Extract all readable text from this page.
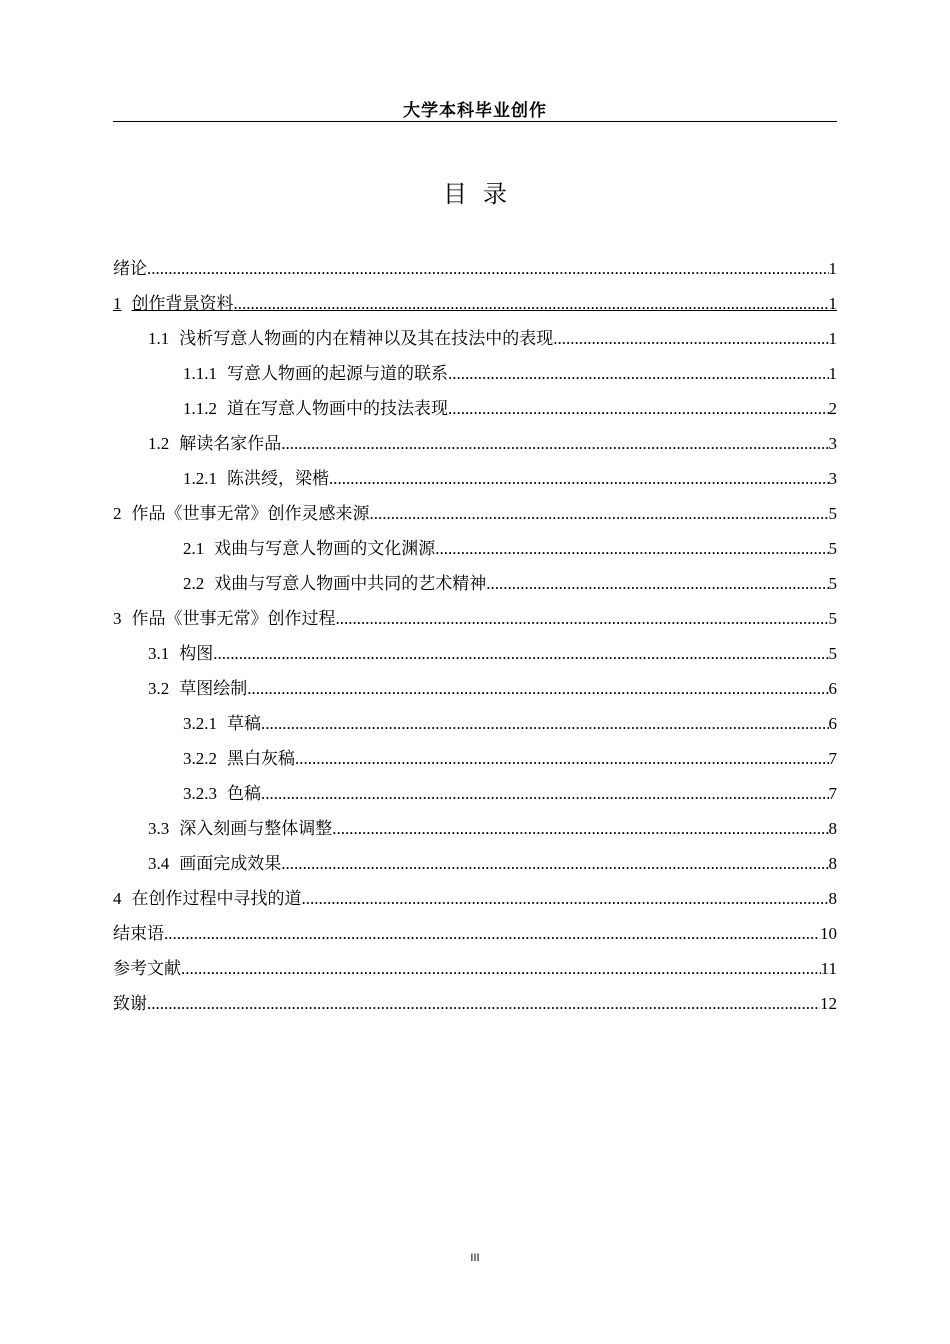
大学本科毕业创作
目录
绪论 .....	1
1 创作背景资料 .....	1
1.1 浅析写意人物画的内在精神以及其在技法中的表现 .....	1
1.1.1 写意人物画的起源与道的联系 .....	1
1.1.2 道在写意人物画中的技法表现 .....	2
1.2 解读名家作品 .....	3
1.2.1 陈洪绶，梁楷 .....	3
2 作品《世事无常》创作灵感来源 .....	5
2.1 戏曲与写意人物画的文化渊源 .....	5
2.2 戏曲与写意人物画中共同的艺术精神 .....	5
3 作品《世事无常》创作过程 .....	5
3.1 构图 .....	5
3.2 草图绘制 .....	6
3.2.1 草稿 .....	6
3.2.2 黑白灰稿 .....	7
3.2.3 色稿 .....	7
3.3 深入刻画与整体调整 .....	8
3.4 画面完成效果 .....	8
4 在创作过程中寻找的道 .....	8
结束语 .....	10
参考文献 .....	11
致谢 .....	12
III
